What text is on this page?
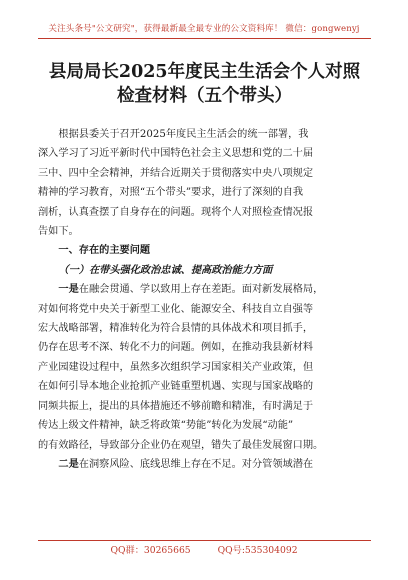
关注头条号"公文研究"，获得最新最全最专业的公文资料库！ 微信：gongwenyj
县局局长2025年度民主生活会个人对照
检查材料（五个带头）

根据县委关于召开2025年度民主生活会的统一部署，我
深入学习了习近平新时代中国特色社会主义思想和党的二十届
三中、四中全会精神，并结合近期关于贯彻落实中央八项规定
精神的学习教育，对照“五个带头”要求，进行了深刻的自我
剖析，认真查摆了自身存在的问题。现将个人对照检查情况报
告如下。

一、存在的主要问题

（一）在带头强化政治忠诚、提高政治能力方面

一是在融会贯通、学以致用上存在差距。面对新发展格局，
对如何将党中央关于新型工业化、能源安全、科技自立自强等
宏大战略部署，精准转化为符合县情的具体战术和项目抓手，
仍存在思考不深、转化不力的问题。例如，在推动我县新材料
产业园建设过程中，虽然多次组织学习国家相关产业政策，但
在如何引导本地企业抢抓产业链重塑机遇、实现与国家战略的
同频共振上，提出的具体措施还不够前瞻和精准，有时满足于
传达上级文件精神，缺乏将政策“势能”转化为发展“动能”
的有效路径，导致部分企业仍在观望，错失了最佳发展窗口期。

二是在洞察风险、底线思维上存在不足。对分管领域潜在

QQ群：30265665	QQ号:535304092
